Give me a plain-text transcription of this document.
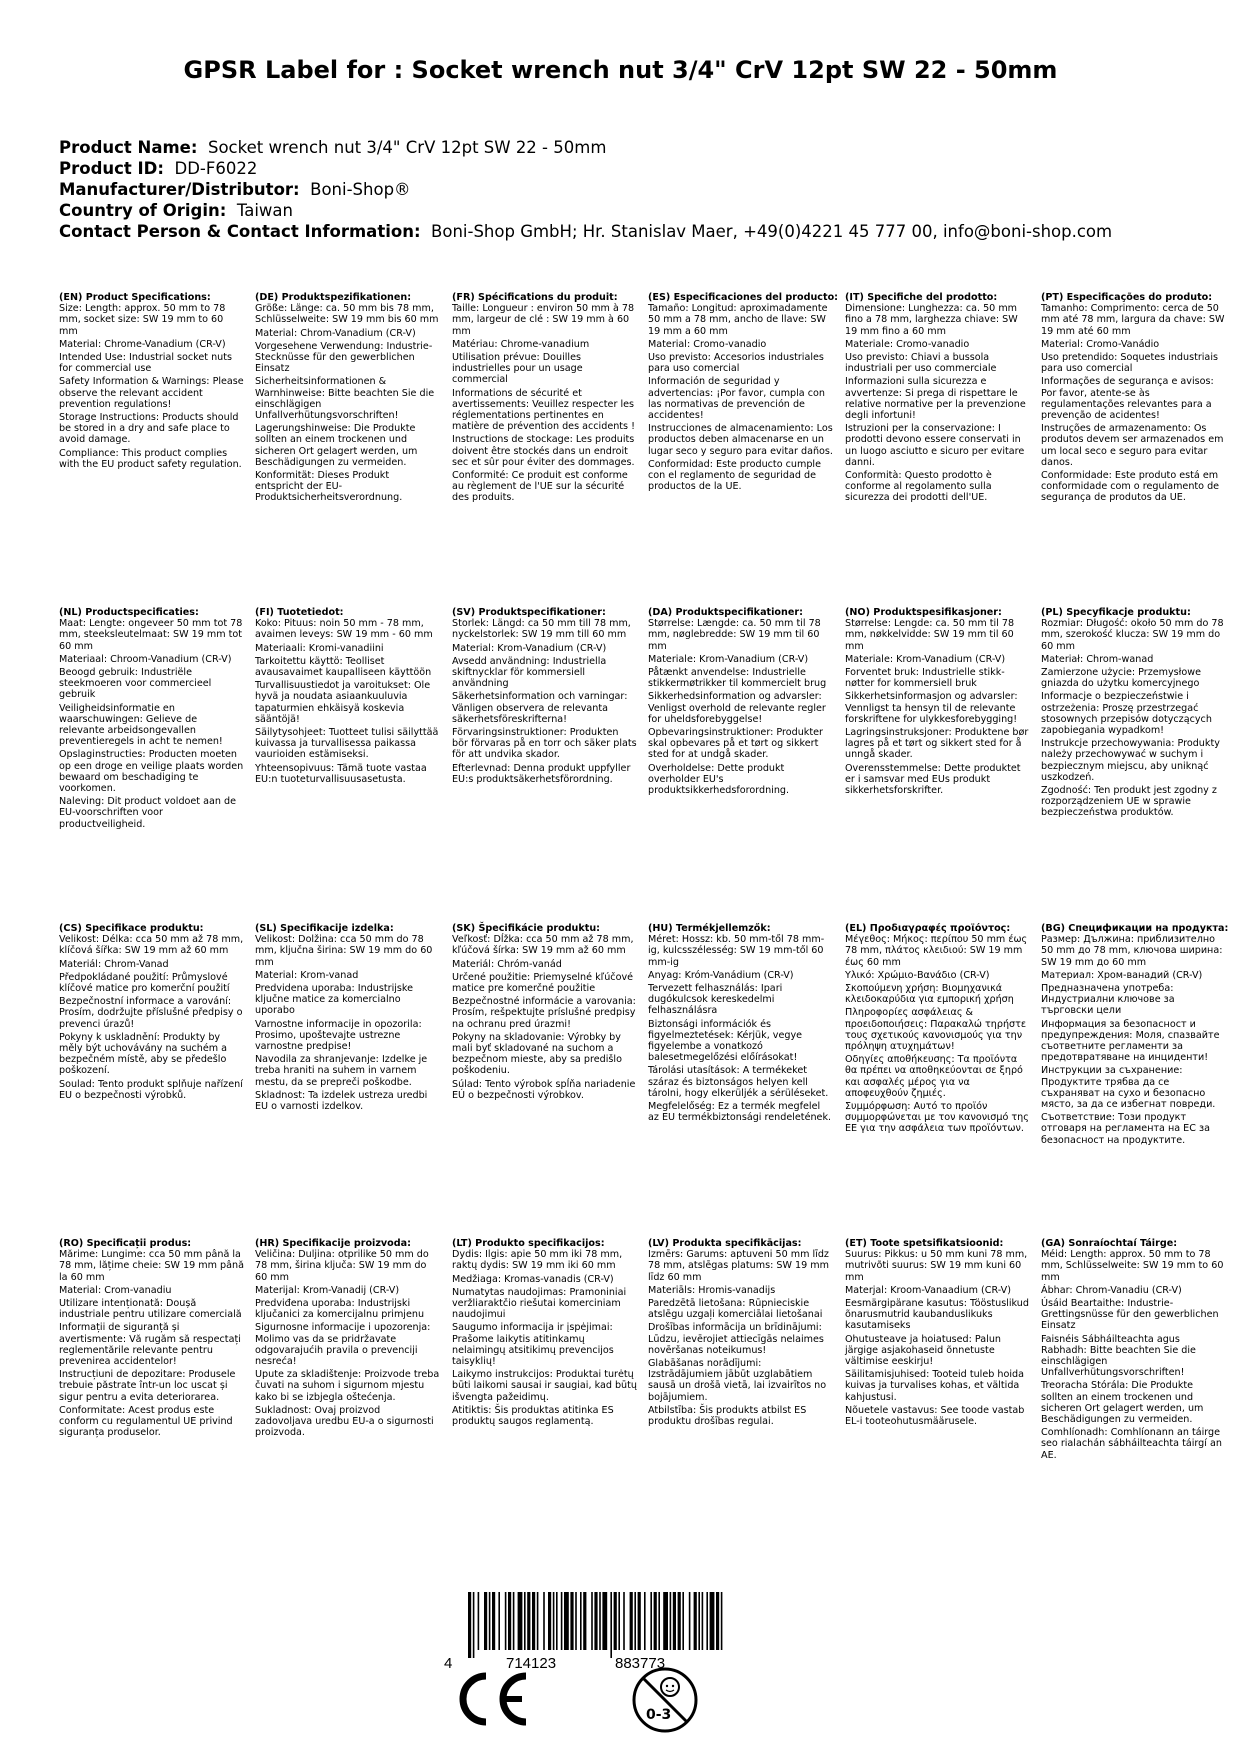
GPSR Label for : Socket wrench nut 3/4" CrV 12pt SW 22 - 50mm
Product Name: Socket wrench nut 3/4" CrV 12pt SW 22 - 50mm
Product ID: DD-F6022
Manufacturer/Distributor: Boni-Shop®
Country of Origin: Taiwan
Contact Person & Contact Information: Boni-Shop GmbH; Hr. Stanislav Maer, +49(0)4221 45 777 00, info@boni-shop.com
(EN) Product Specifications:

Size: Length: approx. 50 mm to 78 mm, socket size: SW 19 mm to 60 mm

Material: Chrome-Vanadium (CR-V)

Intended Use: Industrial socket nuts for commercial use

Safety Information & Warnings: Please observe the relevant accident prevention regulations!

Storage Instructions: Products should be stored in a dry and safe place to avoid damage.

Compliance: This product complies with the EU product safety regulation.

(DE) Produktspezifikationen:

Größe: Länge: ca. 50 mm bis 78 mm, Schlüsselweite: SW 19 mm bis 60 mm

Material: Chrom-Vanadium (CR-V)

Vorgesehene Verwendung: Industrie-Stecknüsse für den gewerblichen Einsatz

Sicherheitsinformationen & Warnhinweise: Bitte beachten Sie die einschlägigen Unfallverhütungsvorschriften!

Lagerungshinweise: Die Produkte sollten an einem trockenen und sicheren Ort gelagert werden, um Beschädigungen zu vermeiden.

Konformität: Dieses Produkt entspricht der EU-Produktsicherheitsverordnung.

(FR) Spécifications du produit:

Taille: Longueur : environ 50 mm à 78 mm, largeur de clé : SW 19 mm à 60 mm

Matériau: Chrome-vanadium

Utilisation prévue: Douilles industrielles pour un usage commercial

Informations de sécurité et avertissements: Veuillez respecter les réglementations pertinentes en matière de prévention des accidents !

Instructions de stockage: Les produits doivent être stockés dans un endroit sec et sûr pour éviter des dommages.

Conformité: Ce produit est conforme au règlement de l'UE sur la sécurité des produits.

(ES) Especificaciones del producto:

Tamaño: Longitud: aproximadamente 50 mm a 78 mm, ancho de llave: SW 19 mm a 60 mm

Material: Cromo-vanadio

Uso previsto: Accesorios industriales para uso comercial

Información de seguridad y advertencias: ¡Por favor, cumpla con las normativas de prevención de accidentes!

Instrucciones de almacenamiento: Los productos deben almacenarse en un lugar seco y seguro para evitar daños.

Conformidad: Este producto cumple con el reglamento de seguridad de productos de la UE.

(IT) Specifiche del prodotto:

Dimensione: Lunghezza: ca. 50 mm fino a 78 mm, larghezza chiave: SW 19 mm fino a 60 mm

Materiale: Cromo-vanadio

Uso previsto: Chiavi a bussola industriali per uso commerciale

Informazioni sulla sicurezza e avvertenze: Si prega di rispettare le relative normative per la prevenzione degli infortuni!

Istruzioni per la conservazione: I prodotti devono essere conservati in un luogo asciutto e sicuro per evitare danni.

Conformità: Questo prodotto è conforme al regolamento sulla sicurezza dei prodotti dell'UE.

(PT) Especificações do produto:

Tamanho: Comprimento: cerca de 50 mm até 78 mm, largura da chave: SW 19 mm até 60 mm

Material: Cromo-Vanádio

Uso pretendido: Soquetes industriais para uso comercial

Informações de segurança e avisos: Por favor, atente-se às regulamentações relevantes para a prevenção de acidentes!

Instruções de armazenamento: Os produtos devem ser armazenados em um local seco e seguro para evitar danos.

Conformidade: Este produto está em conformidade com o regulamento de segurança de produtos da UE.

(NL) Productspecificaties:

Maat: Lengte: ongeveer 50 mm tot 78 mm, steeksleutelmaat: SW 19 mm tot 60 mm

Materiaal: Chroom-Vanadium (CR-V)

Beoogd gebruik: Industriële steekmoeren voor commercieel gebruik

Veiligheidsinformatie en waarschuwingen: Gelieve de relevante arbeidsongevallen preventieregels in acht te nemen!

Opslaginstructies: Producten moeten op een droge en veilige plaats worden bewaard om beschadiging te voorkomen.

Naleving: Dit product voldoet aan de EU-voorschriften voor productveiligheid.

(FI) Tuotetiedot:

Koko: Pituus: noin 50 mm - 78 mm, avaimen leveys: SW 19 mm - 60 mm

Materiaali: Kromi-vanadiini

Tarkoitettu käyttö: Teolliset avausavaimet kaupalliseen käyttöön

Turvallisuustiedot ja varoitukset: Ole hyvä ja noudata asiaankuuluvia tapaturmien ehkäisyä koskevia sääntöjä!

Säilytysohjeet: Tuotteet tulisi säilyttää kuivassa ja turvallisessa paikassa vaurioiden estämiseksi.

Yhteensopivuus: Tämä tuote vastaa EU:n tuoteturvallisuusasetusta.

(SV) Produktspecifikationer:

Storlek: Längd: ca 50 mm till 78 mm, nyckelstorlek: SW 19 mm till 60 mm

Material: Krom-Vanadium (CR-V)

Avsedd användning: Industriella skiftnycklar för kommersiell användning

Säkerhetsinformation och varningar: Vänligen observera de relevanta säkerhetsföreskrifterna!

Förvaringsinstruktioner: Produkten bör förvaras på en torr och säker plats för att undvika skador.

Efterlevnad: Denna produkt uppfyller EU:s produktsäkerhetsförordning.

(DA) Produktspecifikationer:

Størrelse: Længde: ca. 50 mm til 78 mm, nøglebredde: SW 19 mm til 60 mm

Materiale: Krom-Vanadium (CR-V)

Påtænkt anvendelse: Industrielle stikkermøtrikker til kommercielt brug

Sikkerhedsinformation og advarsler: Venligst overhold de relevante regler for uheldsforebyggelse!

Opbevaringsinstruktioner: Produkter skal opbevares på et tørt og sikkert sted for at undgå skader.

Overholdelse: Dette produkt overholder EU's produktsikkerhedsforordning.

(NO) Produktspesifikasjoner:

Størrelse: Lengde: ca. 50 mm til 78 mm, nøkkelvidde: SW 19 mm til 60 mm

Materiale: Krom-Vanadium (CR-V)

Forventet bruk: Industrielle stikk-nøtter for kommersiell bruk

Sikkerhetsinformasjon og advarsler: Vennligst ta hensyn til de relevante forskriftene for ulykkesforebygging!

Lagringsinstruksjoner: Produktene bør lagres på et tørt og sikkert sted for å unngå skader.

Overensstemmelse: Dette produktet er i samsvar med EUs produkt sikkerhetsforskrifter.

(PL) Specyfikacje produktu:

Rozmiar: Długość: około 50 mm do 78 mm, szerokość klucza: SW 19 mm do 60 mm

Materiał: Chrom-wanad

Zamierzone użycie: Przemysłowe gniazda do użytku komercyjnego

Informacje o bezpieczeństwie i ostrzeżenia: Proszę przestrzegać stosownych przepisów dotyczących zapobiegania wypadkom!

Instrukcje przechowywania: Produkty należy przechowywać w suchym i bezpiecznym miejscu, aby uniknąć uszkodzeń.

Zgodność: Ten produkt jest zgodny z rozporządzeniem UE w sprawie bezpieczeństwa produktów.

(CS) Specifikace produktu:

Velikost: Délka: cca 50 mm až 78 mm, klíčová šířka: SW 19 mm až 60 mm

Materiál: Chrom-Vanad

Předpokládané použití: Průmyslové klíčové matice pro komerční použití

Bezpečnostní informace a varování: Prosím, dodržujte příslušné předpisy o prevenci úrazů!

Pokyny k uskladnění: Produkty by měly být uchovávány na suchém a bezpečném místě, aby se předešlo poškození.

Soulad: Tento produkt splňuje nařízení EU o bezpečnosti výrobků.

(SL) Specifikacije izdelka:

Velikost: Dolžina: cca 50 mm do 78 mm, ključna širina: SW 19 mm do 60 mm

Material: Krom-vanad

Predvidena uporaba: Industrijske ključne matice za komercialno uporabo

Varnostne informacije in opozorila: Prosimo, upoštevajte ustrezne varnostne predpise!

Navodila za shranjevanje: Izdelke je treba hraniti na suhem in varnem mestu, da se prepreči poškodbe.

Skladnost: Ta izdelek ustreza uredbi EU o varnosti izdelkov.

(SK) Špecifikácie produktu:

Veľkosť: Dĺžka: cca 50 mm až 78 mm, kľúčová šírka: SW 19 mm až 60 mm

Materiál: Chróm-vanád

Určené použitie: Priemyselné kľúčové matice pre komerčné použitie

Bezpečnostné informácie a varovania: Prosím, rešpektujte príslušné predpisy na ochranu pred úrazmi!

Pokyny na skladovanie: Výrobky by mali byť skladované na suchom a bezpečnom mieste, aby sa predišlo poškodeniu.

Súlad: Tento výrobok spĺňa nariadenie EÚ o bezpečnosti výrobkov.

(HU) Termékjellemzők:

Méret: Hossz: kb. 50 mm-től 78 mm-ig, kulcsszélesség: SW 19 mm-től 60 mm-ig

Anyag: Króm-Vanádium (CR-V)

Tervezett felhasználás: Ipari dugókulcsok kereskedelmi felhasználásra

Biztonsági információk és figyelmeztetések: Kérjük, vegye figyelembe a vonatkozó balesetmegelőzési előírásokat!

Tárolási utasítások: A termékeket száraz és biztonságos helyen kell tárolni, hogy elkerüljék a sérüléseket.

Megfelelőség: Ez a termék megfelel az EU termékbiztonsági rendeletének.

(EL) Προδιαγραφές προϊόντος:

Μέγεθος: Μήκος: περίπου 50 mm έως 78 mm, πλάτος κλειδιού: SW 19 mm έως 60 mm

Υλικό: Χρώμιο-Βανάδιο (CR-V)

Σκοπούμενη χρήση: Βιομηχανικά κλειδοκαρύδια για εμπορική χρήση

Πληροφορίες ασφάλειας & προειδοποιήσεις: Παρακαλώ τηρήστε τους σχετικούς κανονισμούς για την πρόληψη ατυχημάτων!

Οδηγίες αποθήκευσης: Τα προϊόντα θα πρέπει να αποθηκεύονται σε ξηρό και ασφαλές μέρος για να αποφευχθούν ζημιές.

Συμμόρφωση: Αυτό το προϊόν συμμορφώνεται με τον κανονισμό της ΕΕ για την ασφάλεια των προϊόντων.

(BG) Спецификации на продукта:

Размер: Дължина: приблизително 50 mm до 78 mm, ключова ширина: SW 19 mm до 60 mm

Материал: Хром-ванадий (CR-V)

Предназначена употреба: Индустриални ключове за търговски цели

Информация за безопасност и предупреждения: Моля, спазвайте съответните регламенти за предотвратяване на инциденти!

Инструкции за съхранение: Продуктите трябва да се съхраняват на сухо и безопасно място, за да се избегнат повреди.

Съответствие: Този продукт отговаря на регламента на ЕС за безопасност на продуктите.

(RO) Specificații produs:

Mărime: Lungime: cca 50 mm până la 78 mm, lățime cheie: SW 19 mm până la 60 mm

Material: Crom-vanadiu

Utilizare intenționată: Doușă industriale pentru utilizare comercială

Informații de siguranță și avertismente: Vă rugăm să respectați reglementările relevante pentru prevenirea accidentelor!

Instrucțiuni de depozitare: Produsele trebuie păstrate într-un loc uscat și sigur pentru a evita deteriorarea.

Conformitate: Acest produs este conform cu regulamentul UE privind siguranța produselor.

(HR) Specifikacije proizvoda:

Veličina: Duljina: otprilike 50 mm do 78 mm, širina ključa: SW 19 mm do 60 mm

Materijal: Krom-Vanadij (CR-V)

Predviđena uporaba: Industrijski ključanici za komercijalnu primjenu

Sigurnosne informacije i upozorenja: Molimo vas da se pridržavate odgovarajućih pravila o prevenciji nesreća!

Upute za skladištenje: Proizvode treba čuvati na suhom i sigurnom mjestu kako bi se izbjegla oštećenja.

Sukladnost: Ovaj proizvod zadovoljava uredbu EU-a o sigurnosti proizvoda.

(LT) Produkto specifikacijos:

Dydis: Ilgis: apie 50 mm iki 78 mm, raktų dydis: SW 19 mm iki 60 mm

Medžiaga: Kromas-vanadis (CR-V)

Numatytas naudojimas: Pramoniniai veržliaraktčio riešutai komerciniam naudojimui

Saugumo informacija ir įspėjimai: Prašome laikytis atitinkamų nelaimingų atsitikimų prevencijos taisyklių!

Laikymo instrukcijos: Produktai turėtų būti laikomi sausai ir saugiai, kad būtų išvengta pažeidimų.

Atitiktis: Šis produktas atitinka ES produktų saugos reglamentą.

(LV) Produkta specifikācijas:

Izmērs: Garums: aptuveni 50 mm līdz 78 mm, atslēgas platums: SW 19 mm līdz 60 mm

Materiāls: Hromis-vanadijs

Paredzētā lietošana: Rūpnieciskie atslēgu uzgaļi komerciālai lietošanai

Drošības informācija un brīdinājumi: Lūdzu, ievērojiet attiecīgās nelaimes novēršanas noteikumus!

Glabāšanas norādījumi: Izstrādājumiem jābūt uzglabātiem sausā un drošā vietā, lai izvairītos no bojājumiem.

Atbilstība: Šis produkts atbilst ES produktu drošības regulai.

(ET) Toote spetsifikatsioonid:

Suurus: Pikkus: u 50 mm kuni 78 mm, mutrivõti suurus: SW 19 mm kuni 60 mm

Materjal: Kroom-Vanaadium (CR-V)

Eesmärgipärane kasutus: Tööstuslikud õnarusmutrid kaubanduslikuks kasutamiseks

Ohutusteave ja hoiatused: Palun järgige asjakohaseid õnnetuste vältimise eeskirju!

Säilitamisjuhised: Tooteid tuleb hoida kuivas ja turvalises kohas, et vältida kahjustusi.

Nõuetele vastavus: See toode vastab EL-i tooteohutusmäärusele.

(GA) Sonraíochtaí Táirge:

Méid: Length: approx. 50 mm to 78 mm, Schlüsselweite: SW 19 mm to 60 mm

Ábhar: Chrom-Vanadiu (CR-V)

Úsáid Beartaithe: Industrie-Grettingsnüsse für den gewerblichen Einsatz

Faisnéis Sábháilteachta agus Rabhadh: Bitte beachten Sie die einschlägigen Unfallverhütungsvorschriften!

Treoracha Stórála: Die Produkte sollten an einem trockenen und sicheren Ort gelagert werden, um Beschädigungen zu vermeiden.

Comhlíonadh: Comhlíonann an táirge seo rialachán sábháilteachta táirgí an AE.

4	714123	883773
0-3
